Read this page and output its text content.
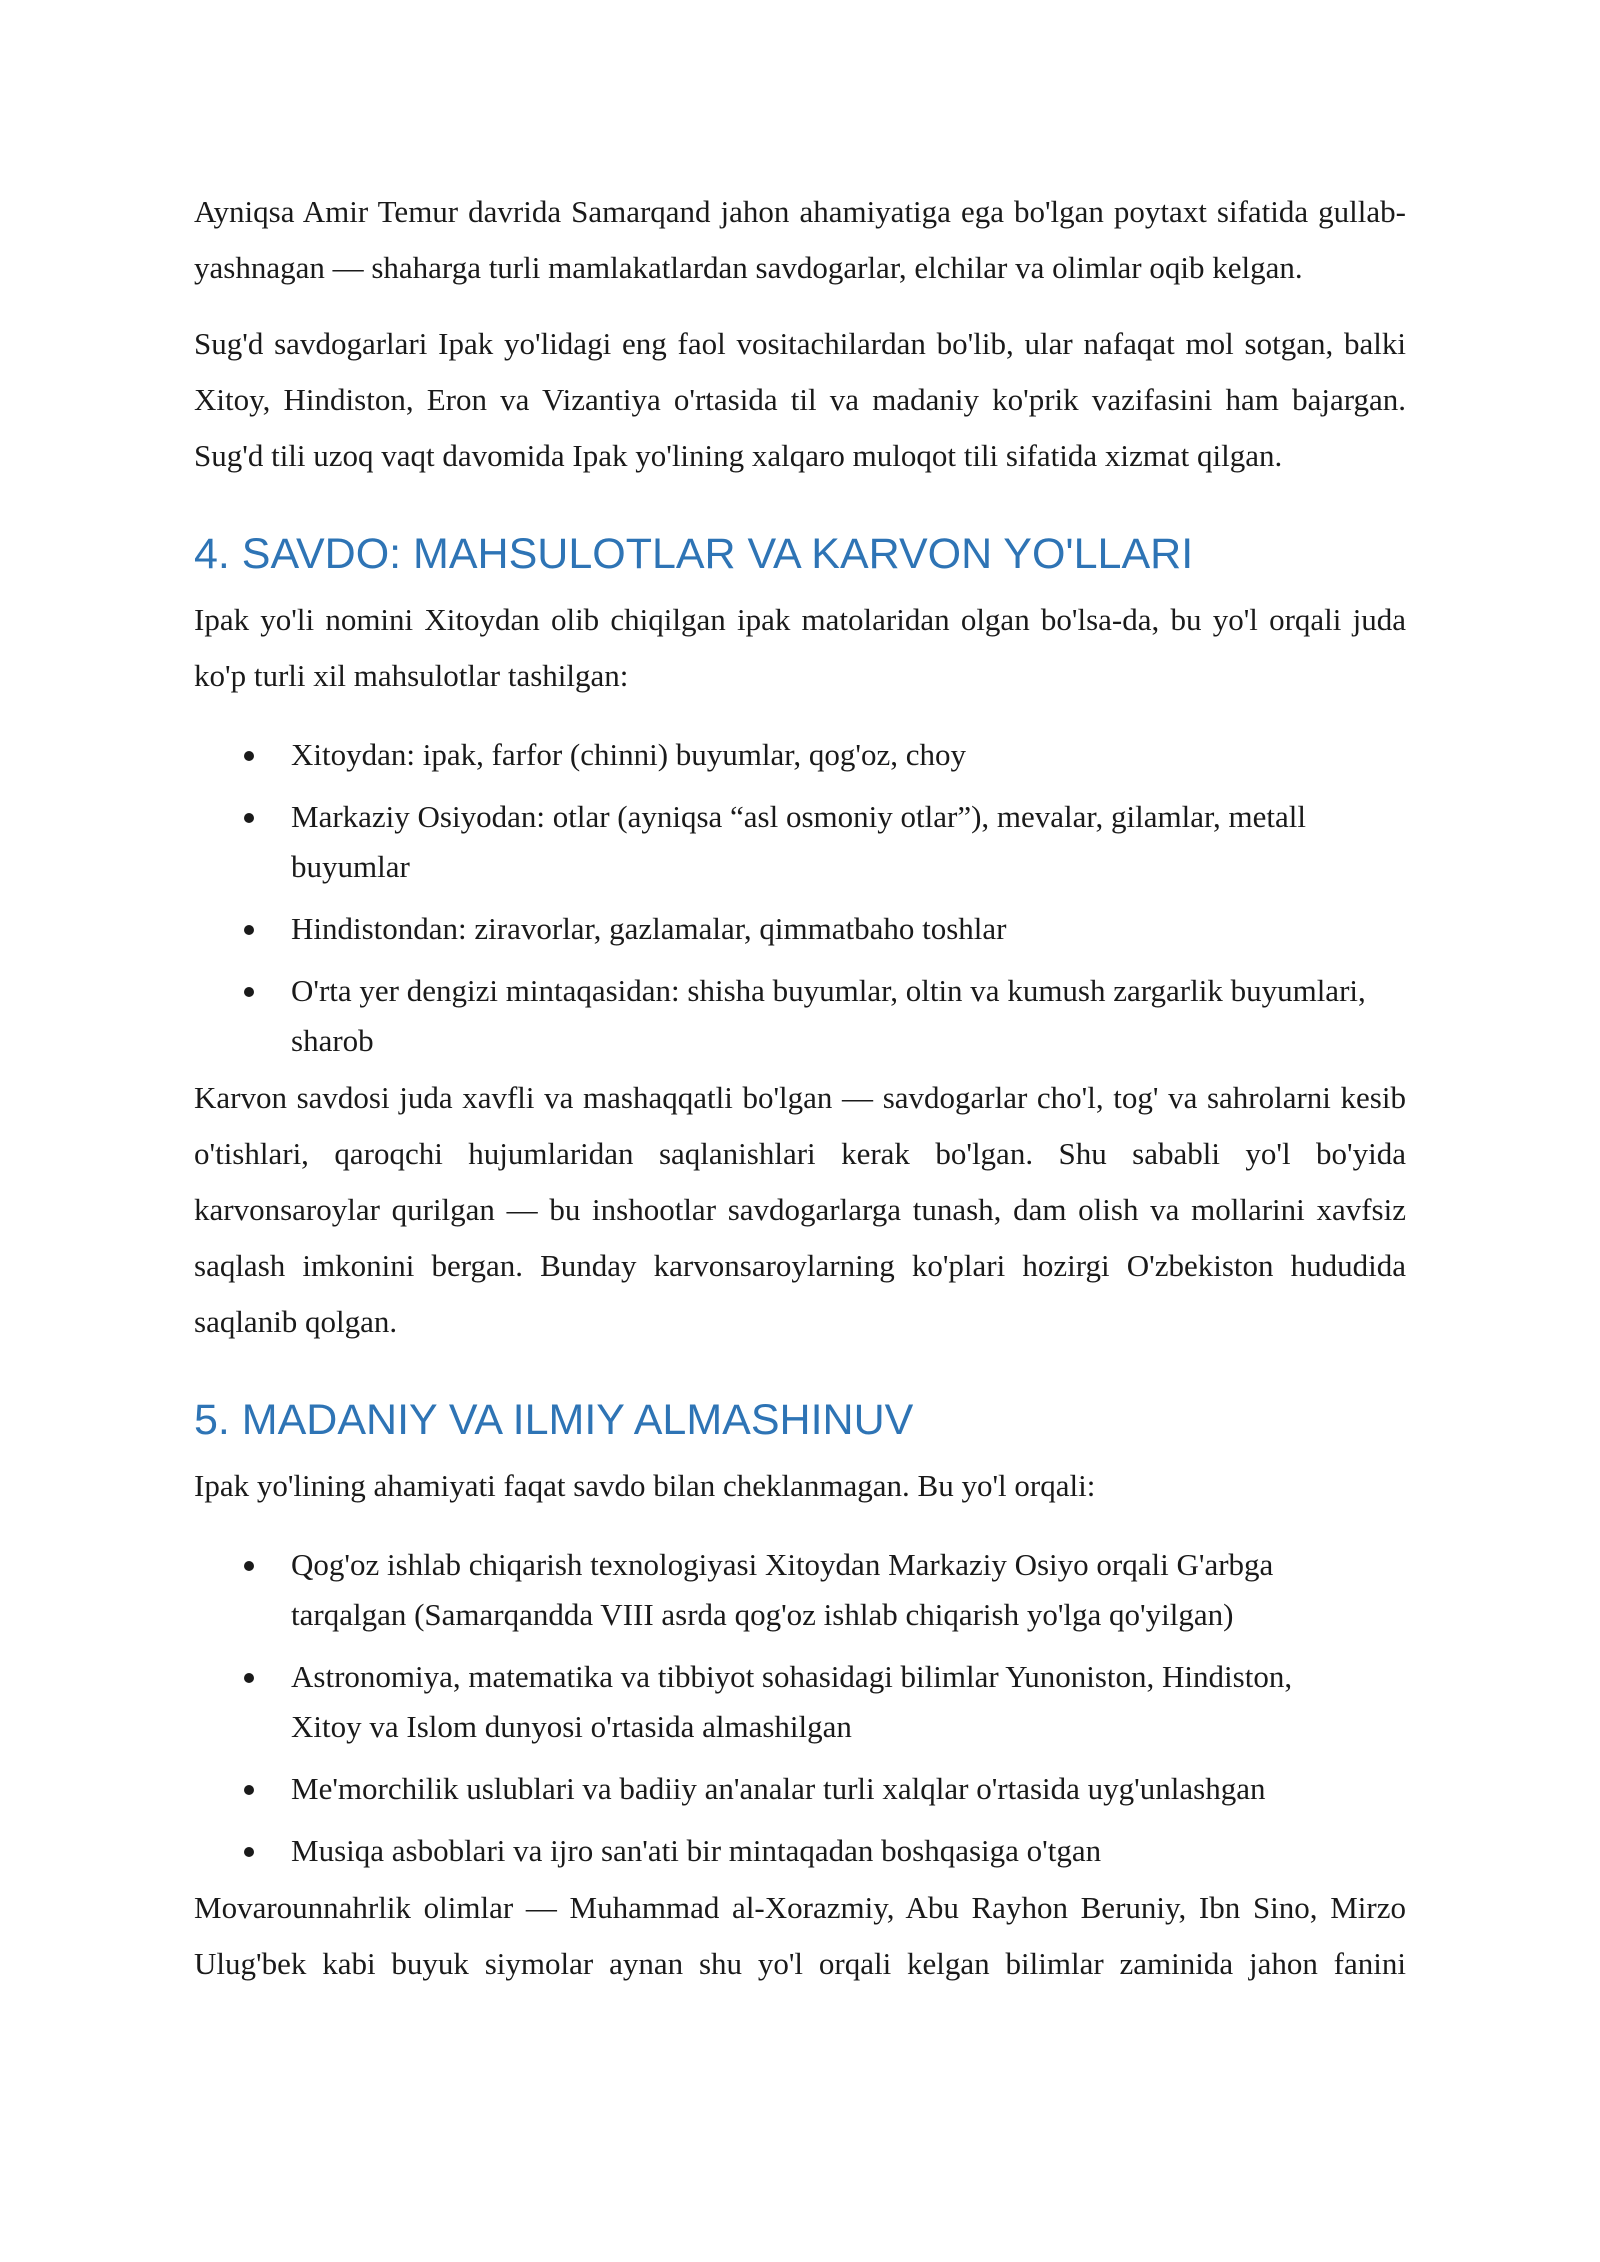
Ayniqsa Amir Temur davrida Samarqand jahon ahamiyatiga ega bo'lgan poytaxt sifatida gullab-yashnagan — shaharga turli mamlakatlardan savdogarlar, elchilar va olimlar oqib kelgan.

Sug'd savdogarlari Ipak yo'lidagi eng faol vositachilardan bo'lib, ular nafaqat mol sotgan, balki Xitoy, Hindiston, Eron va Vizantiya o'rtasida til va madaniy ko'prik vazifasini ham bajargan. Sug'd tili uzoq vaqt davomida Ipak yo'lining xalqaro muloqot tili sifatida xizmat qilgan.

4. SAVDO: MAHSULOTLAR VA KARVON YO'LLARI

Ipak yo'li nomini Xitoydan olib chiqilgan ipak matolaridan olgan bo'lsa-da, bu yo'l orqali juda ko'p turli xil mahsulotlar tashilgan:

Xitoydan: ipak, farfor (chinni) buyumlar, qog'oz, choy
Markaziy Osiyodan: otlar (ayniqsa “asl osmoniy otlar”), mevalar, gilamlar, metall buyumlar
Hindistondan: ziravorlar, gazlamalar, qimmatbaho toshlar
O'rta yer dengizi mintaqasidan: shisha buyumlar, oltin va kumush zargarlik buyumlari, sharob

Karvon savdosi juda xavfli va mashaqqatli bo'lgan — savdogarlar cho'l, tog' va sahrolarni kesib o'tishlari, qaroqchi hujumlaridan saqlanishlari kerak bo'lgan. Shu sababli yo'l bo'yida karvonsaroylar qurilgan — bu inshootlar savdogarlarga tunash, dam olish va mollarini xavfsiz saqlash imkonini bergan. Bunday karvonsaroylarning ko'plari hozirgi O'zbekiston hududida saqlanib qolgan.

5. MADANIY VA ILMIY ALMASHINUV

Ipak yo'lining ahamiyati faqat savdo bilan cheklanmagan. Bu yo'l orqali:

Qog'oz ishlab chiqarish texnologiyasi Xitoydan Markaziy Osiyo orqali G'arbga tarqalgan (Samarqandda VIII asrda qog'oz ishlab chiqarish yo'lga qo'yilgan)
Astronomiya, matematika va tibbiyot sohasidagi bilimlar Yunoniston, Hindiston, Xitoy va Islom dunyosi o'rtasida almashilgan
Me'morchilik uslublari va badiiy an'analar turli xalqlar o'rtasida uyg'unlashgan
Musiqa asboblari va ijro san'ati bir mintaqadan boshqasiga o'tgan

Movarounnahrlik olimlar — Muhammad al-Xorazmiy, Abu Rayhon Beruniy, Ibn Sino, Mirzo Ulug'bek kabi buyuk siymolar aynan shu yo'l orqali kelgan bilimlar zaminida jahon fanini
